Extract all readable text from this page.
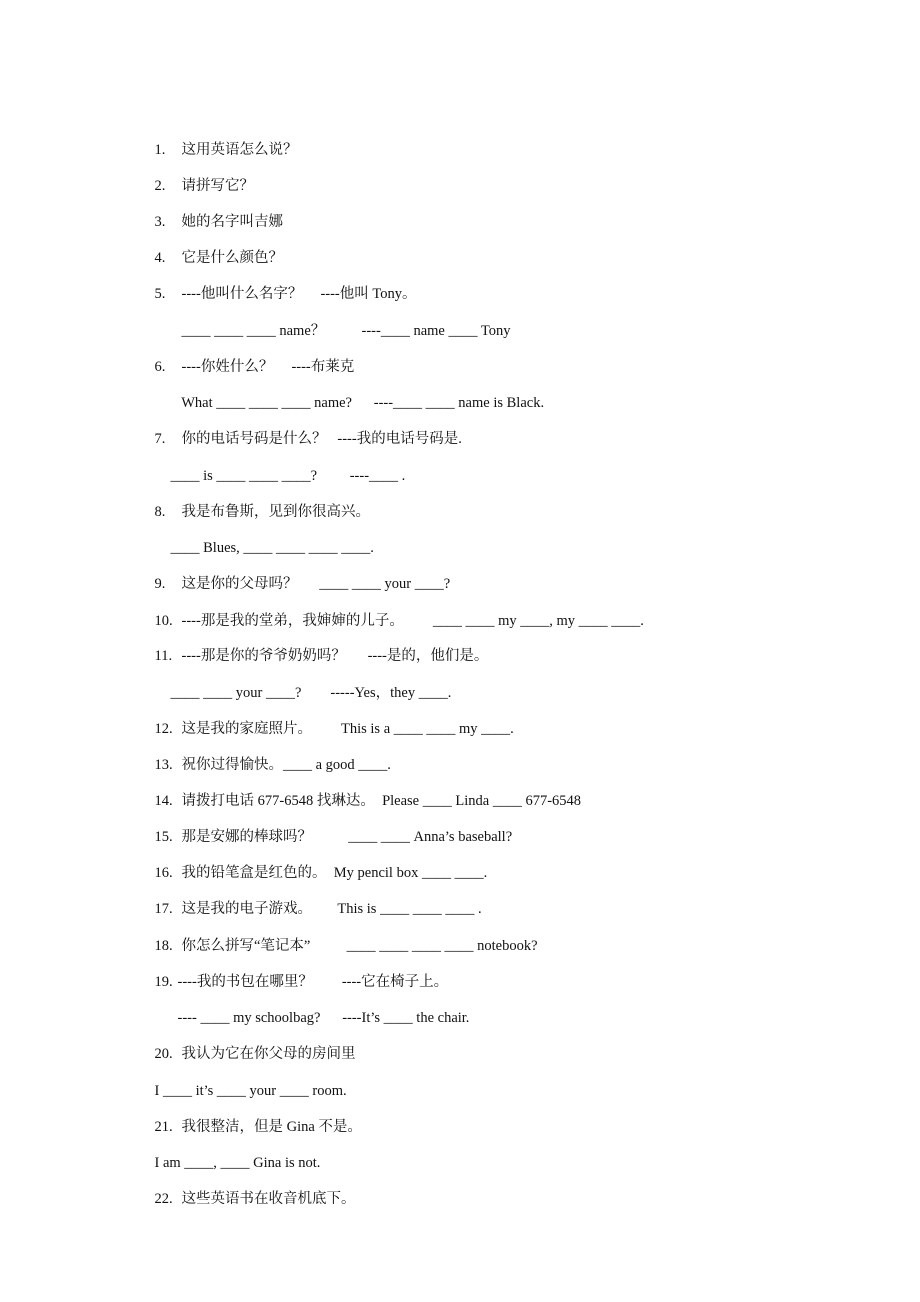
1. 这用英语怎么说？

2. 请拼写它？

3. 她的名字叫吉娜

4. 它是什么颜色？

5. ----他叫什么名字？     ----他叫 Tony。

____ ____ ____ name？          ----____ name ____ Tony

6. ----你姓什么？     ----布莱克

What ____ ____ ____ name?      ----____ ____ name is Black.

7. 你的电话号码是什么？   ----我的电话号码是.

____ is ____ ____ ____?         ----____ .

8. 我是布鲁斯，见到你很高兴。

____ Blues, ____ ____ ____ ____.

9. 这是你的父母吗？      ____ ____ your ____?

10. ----那是我的堂弟，我婶婶的儿子。        ____ ____ my ____, my ____ ____.

11. ----那是你的爷爷奶奶吗？      ----是的，他们是。

____ ____ your ____?        -----Yes，they ____.

12. 这是我的家庭照片。        This is a ____ ____ my ____.

13. 祝你过得愉快。____ a good ____.

14. 请拨打电话 677-6548 找琳达。  Please ____ Linda ____ 677-6548

15. 那是安娜的棒球吗？          ____ ____ Anna’s baseball?

16. 我的铅笔盒是红色的。  My pencil box ____ ____.

17. 这是我的电子游戏。       This is ____ ____ ____ .

18. 你怎么拼写“笔记本”          ____ ____ ____ ____ notebook?

19. ----我的书包在哪里？        ----它在椅子上。

---- ____ my schoolbag?      ----It’s ____ the chair.

20. 我认为它在你父母的房间里

I ____ it’s ____ your ____ room.

21. 我很整洁，但是 Gina 不是。

I am ____, ____ Gina is not.

22. 这些英语书在收音机底下。
